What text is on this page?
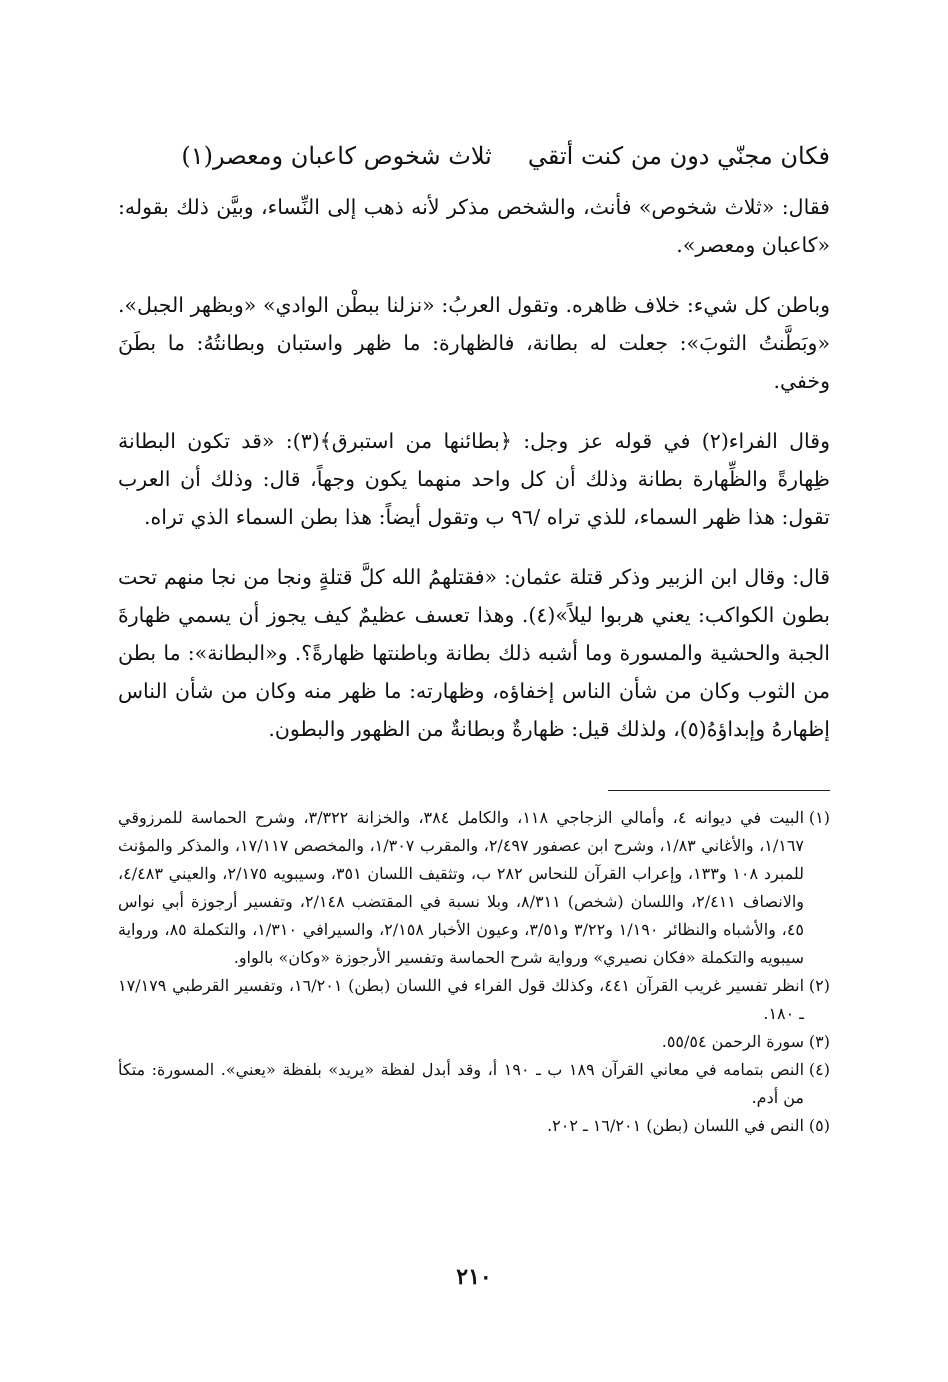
فكان مجنّي دون من كنت أتقي
ثلاث شخوص كاعبان ومعصر(١)

فقال: «ثلاث شخوص» فأنث، والشخص مذكر لأنه ذهب إلى النِّساء، وبيَّن ذلك بقوله: «كاعبان ومعصر».

وباطن كل شيء: خلاف ظاهره. وتقول العربُ: «نزلنا ببطْن الوادي» «وبظهر الجبل». «وبَطَّنتُ الثوبَ»: جعلت له بطانة، فالظهارة: ما ظهر واستبان وبطانتُهُ: ما بطَنَ وخفي.

وقال الفراء(٢) في قوله عز وجل: ﴿بطائنها من استبرق﴾(٣): «قد تكون البطانة ظِهارةً والظِّهارة بطانة وذلك أن كل واحد منهما يكون وجهاً، قال: وذلك أن العرب تقول: هذا ظهر السماء، للذي تراه /٩٦ ب وتقول أيضاً: هذا بطن السماء الذي تراه.

قال: وقال ابن الزبير وذكر قتلة عثمان: «فقتلهمُ الله كلَّ قتلةٍ ونجا من نجا منهم تحت بطون الكواكب: يعني هربوا ليلاً»(٤). وهذا تعسف عظيمٌ كيف يجوز أن يسمي ظهارةَ الجبة والحشية والمسورة وما أشبه ذلك بطانة وباطنتها ظهارةً؟. و«البطانة»: ما بطن من الثوب وكان من شأن الناس إخفاؤه، وظهارته: ما ظهر منه وكان من شأن الناس إظهارهُ وإبداؤهُ(٥)، ولذلك قيل: ظهارةٌ وبطانةٌ من الظهور والبطون.

(١)
البيت في ديوانه ٤، وأمالي الزجاجي ١١٨، والكامل ٣٨٤، والخزانة ٣/٣٢٢، وشرح الحماسة للمرزوقي ١/١٦٧، والأغاني ١/٨٣، وشرح ابن عصفور ٢/٤٩٧، والمقرب ١/٣٠٧، والمخصص ١٧/١١٧، والمذكر والمؤنث للمبرد ١٠٨ و١٣٣، وإعراب القرآن للنحاس ٢٨٢ ب، وتثقيف اللسان ٣٥١، وسيبويه ٢/١٧٥، والعيني ٤/٤٨٣، والانصاف ٢/٤١١، واللسان (شخص) ٨/٣١١، وبلا نسبة في المقتضب ٢/١٤٨، وتفسير أرجوزة أبي نواس ٤٥، والأشباه والنظائر ١/١٩٠ و٣/٢٢ و٣/٥١، وعيون الأخبار ٢/١٥٨، والسيرافي ١/٣١٠، والتكملة ٨٥، ورواية سيبويه والتكملة «فكان نصيري» ورواية شرح الحماسة وتفسير الأرجوزة «وكان» بالواو.
(٢)
انظر تفسير غريب القرآن ٤٤١، وكذلك قول الفراء في اللسان (بطن) ١٦/٢٠١، وتفسير القرطبي ١٧/١٧٩ ـ ١٨٠.
(٣)
سورة الرحمن ٥٥/٥٤.
(٤)
النص بتمامه في معاني القرآن ١٨٩ ب ـ ١٩٠ أ، وقد أبدل لفظة «يريد» بلفظة «يعني». المسورة: متكأ من أدم.
(٥)
النص في اللسان (بطن) ١٦/٢٠١ ـ ٢٠٢.
٢١٠
